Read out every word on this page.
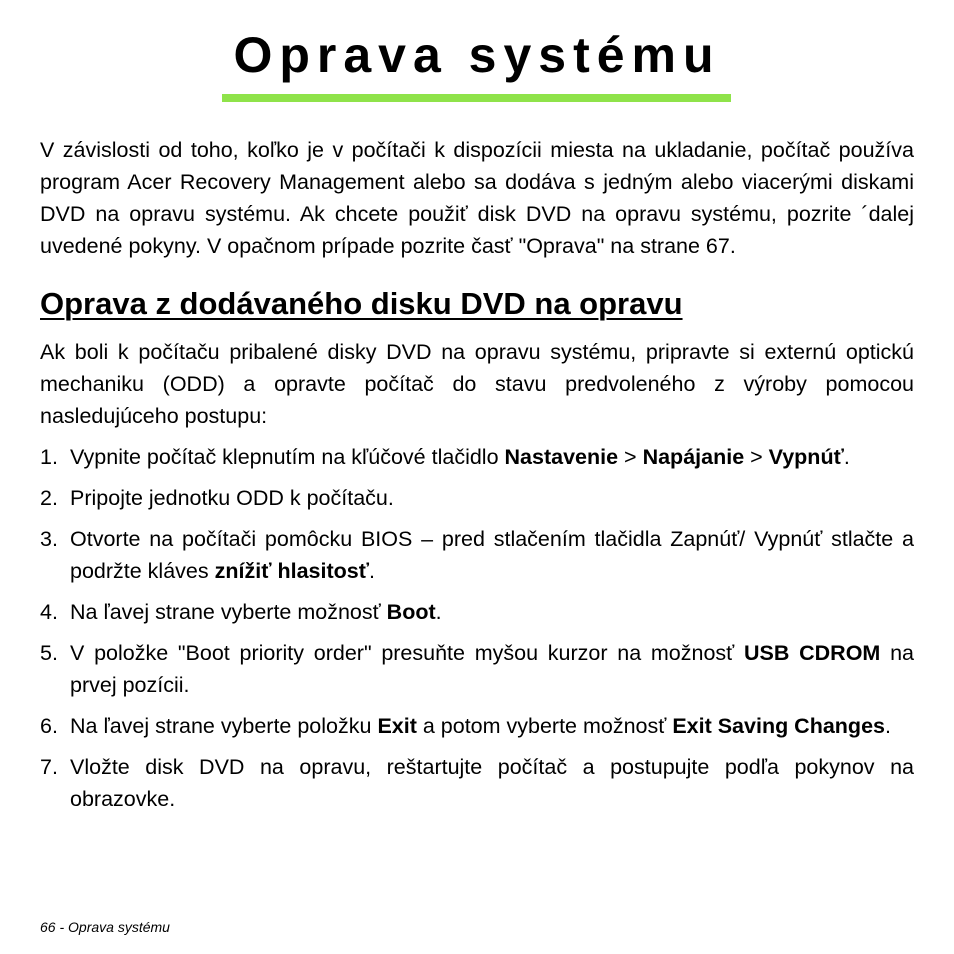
Oprava systému

V závislosti od toho, koľko je v počítači k dispozícii miesta na ukladanie, počítač používa program Acer Recovery Management alebo sa dodáva s jedným alebo viacerými diskami DVD na opravu systému. Ak chcete použiť disk DVD na opravu systému, pozrite ´dalej uvedené pokyny. V opačnom prípade pozrite časť "Oprava" na strane 67.

Oprava z dodávaného disku DVD na opravu

Ak boli k počítaču pribalené disky DVD na opravu systému, pripravte si externú optickú mechaniku (ODD) a opravte počítač do stavu predvoleného z výroby pomocou nasledujúceho postupu:

1. Vypnite počítač klepnutím na kľúčové tlačidlo Nastavenie > Napájanie > Vypnúť.
2. Pripojte jednotku ODD k počítaču.
3. Otvorte na počítači pomôcku BIOS – pred stlačením tlačidla Zapnúť/ Vypnúť stlačte a podržte kláves znížiť hlasitosť.
4. Na ľavej strane vyberte možnosť Boot.
5. V položke "Boot priority order" presuňte myšou kurzor na možnosť USB CDROM na prvej pozícii.
6. Na ľavej strane vyberte položku Exit a potom vyberte možnosť Exit Saving Changes.
7. Vložte disk DVD na opravu, reštartujte počítač a postupujte podľa pokynov na obrazovke.
66 - Oprava systému
